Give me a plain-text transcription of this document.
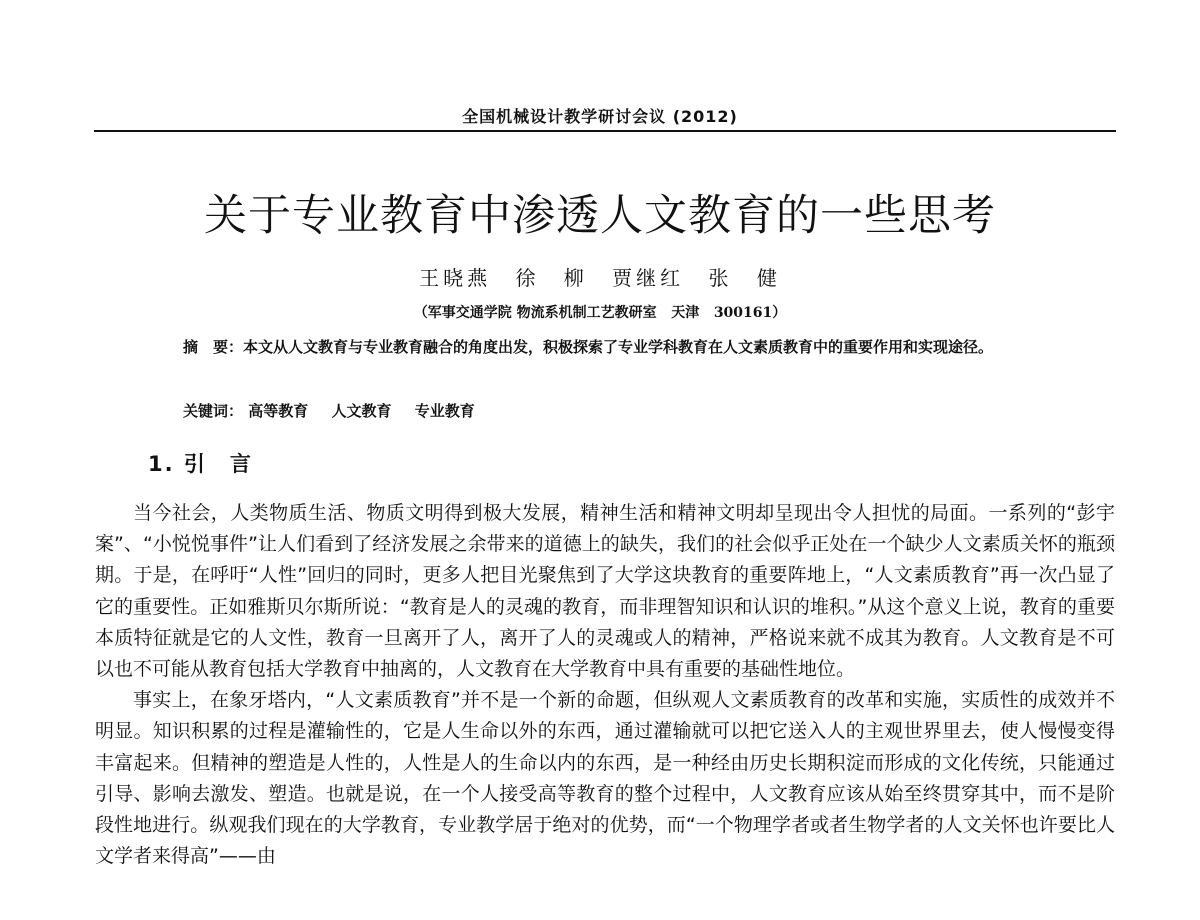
全国机械设计教学研讨会议 (2012)
关于专业教育中渗透人文教育的一些思考
王晓燕 徐 柳 贾继红 张 健
（军事交通学院 物流系机制工艺教研室   天津   300161）
摘　要：本文从人文教育与专业教育融合的角度出发，积极探索了专业学科教育在人文素质教育中的重要作用和实现途径。
关键词： 高等教育 人文教育 专业教育
1. 引　言

当今社会，人类物质生活、物质文明得到极大发展，精神生活和精神文明却呈现出令人担忧的局面。一系列的“彭宇案”、“小悦悦事件”让人们看到了经济发展之余带来的道德上的缺失，我们的社会似乎正处在一个缺少人文素质关怀的瓶颈期。于是，在呼吁“人性”回归的同时，更多人把目光聚焦到了大学这块教育的重要阵地上，“人文素质教育”再一次凸显了它的重要性。正如雅斯贝尔斯所说：“教育是人的灵魂的教育，而非理智知识和认识的堆积。”从这个意义上说，教育的重要本质特征就是它的人文性，教育一旦离开了人，离开了人的灵魂或人的精神，严格说来就不成其为教育。人文教育是不可以也不可能从教育包括大学教育中抽离的，人文教育在大学教育中具有重要的基础性地位。

事实上，在象牙塔内，“人文素质教育”并不是一个新的命题，但纵观人文素质教育的改革和实施，实质性的成效并不明显。知识积累的过程是灌输性的，它是人生命以外的东西，通过灌输就可以把它送入人的主观世界里去，使人慢慢变得丰富起来。但精神的塑造是人性的，人性是人的生命以内的东西，是一种经由历史长期积淀而形成的文化传统，只能通过引导、影响去激发、塑造。也就是说，在一个人接受高等教育的整个过程中，人文教育应该从始至终贯穿其中，而不是阶段性地进行。纵观我们现在的大学教育，专业教学居于绝对的优势，而“一个物理学者或者生物学者的人文关怀也许要比人文学者来得高”——由
